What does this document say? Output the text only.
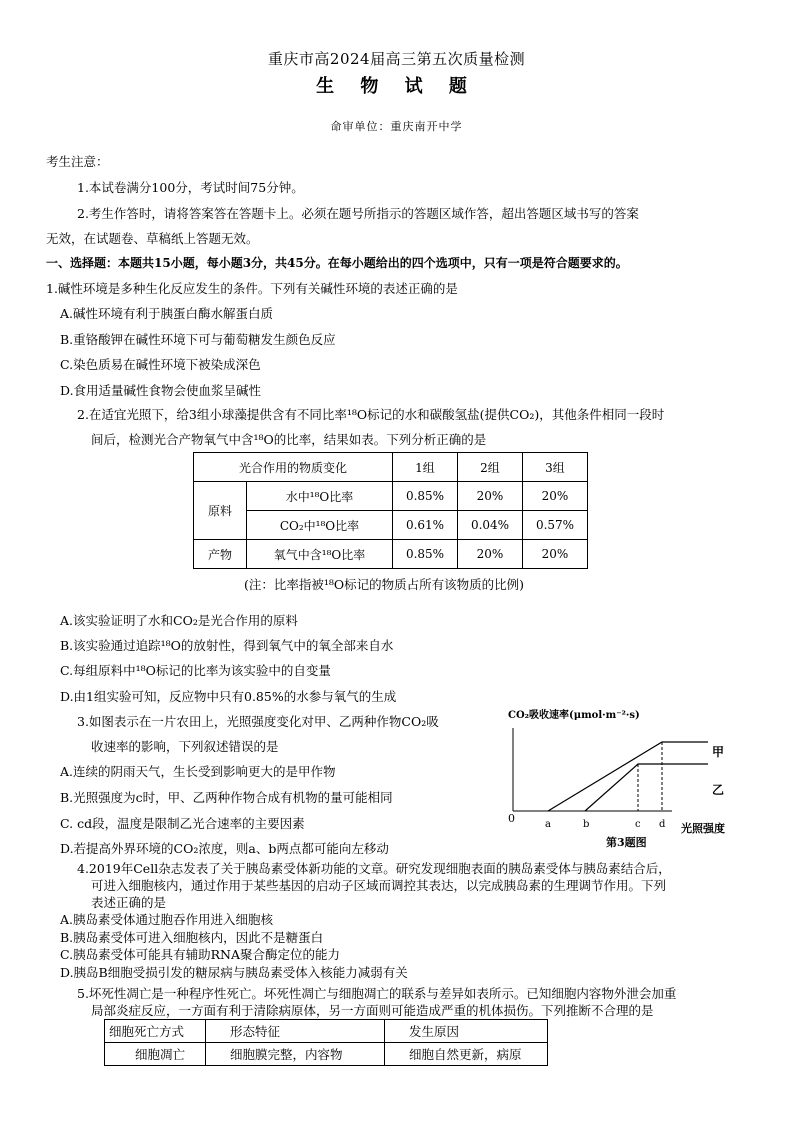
重庆市高2024届高三第五次质量检测
生 物 试 题
命审单位：重庆南开中学
考生注意：
1.本试卷满分100分，考试时间75分钟。
2.考生作答时，请将答案答在答题卡上。必须在题号所指示的答题区域作答，超出答题区域书写的答案
无效，在试题卷、草稿纸上答题无效。
一、选择题：本题共15小题，每小题3分，共45分。在每小题给出的四个选项中，只有一项是符合题要求的。
1.碱性环境是多种生化反应发生的条件。下列有关碱性环境的表述正确的是
A.碱性环境有利于胰蛋白酶水解蛋白质
B.重铬酸钾在碱性环境下可与葡萄糖发生颜色反应
C.染色质易在碱性环境下被染成深色
D.食用适量碱性食物会使血浆呈碱性
2.在适宜光照下，给3组小球藻提供含有不同比率¹⁸O标记的水和碳酸氢盐(提供CO₂)，其他条件相同一段时
间后，检测光合产物氧气中含¹⁸O的比率，结果如表。下列分析正确的是
光合作用的物质变化		1组	2组	3组
原料	水中¹⁸O比率	0.85%	20%	20%
	CO₂中¹⁸O比率	0.61%	0.04%	0.57%
产物	氧气中含¹⁸O比率	0.85%	20%	20%
(注：比率指被¹⁸O标记的物质占所有该物质的比例)
A.该实验证明了水和CO₂是光合作用的原料
B.该实验通过追踪¹⁸O的放射性，得到氧气中的氧全部来自水
C.每组原料中¹⁸O标记的比率为该实验中的自变量
D.由1组实验可知，反应物中只有0.85%的水参与氧气的生成
3.如图表示在一片农田上，光照强度变化对甲、乙两种作物CO₂吸
收速率的影响，下列叙述错误的是
A.连续的阴雨天气，生长受到影响更大的是甲作物
B.光照强度为c时，甲、乙两种作物合成有机物的量可能相同
C. cd段，温度是限制乙光合速率的主要因素
D.若提高外界环境的CO₂浓度，则a、b两点都可能向左移动
CO₂吸收速率(μmol·m⁻²·s)
0
光照强度
a	b	c d
甲
乙
第3题图
4.2019年Cell杂志发表了关于胰岛素受体新功能的文章。研究发现细胞表面的胰岛素受体与胰岛素结合后，
可进入细胞核内，通过作用于某些基因的启动子区域而调控其表达，以完成胰岛素的生理调节作用。下列
表述正确的是
A.胰岛素受体通过胞吞作用进入细胞核
B.胰岛素受体可进入细胞核内，因此不是糖蛋白
C.胰岛素受体可能具有辅助RNA聚合酶定位的能力
D.胰岛B细胞受损引发的糖尿病与胰岛素受体入核能力减弱有关
5.坏死性凋亡是一种程序性死亡。坏死性凋亡与细胞凋亡的联系与差异如表所示。已知细胞内容物外泄会加重
局部炎症反应，一方面有利于清除病原体，另一方面则可能造成严重的机体损伤。下列推断不合理的是
细胞死亡方式	形态特征	发生原因
细胞凋亡	细胞膜完整，内容物	细胞自然更新，病原
